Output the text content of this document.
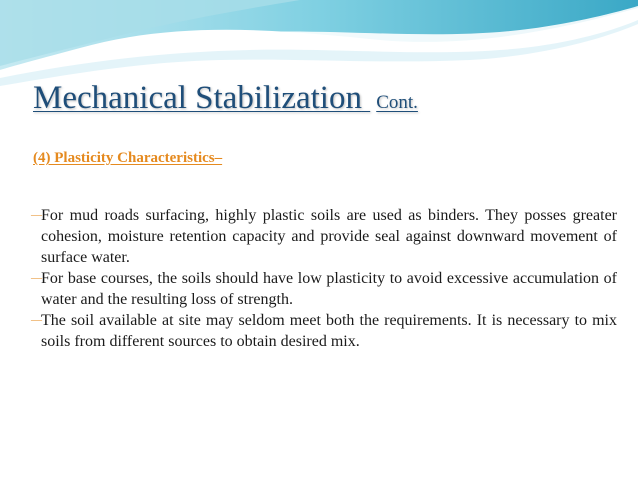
Mechanical Stabilization Cont.
(4) Plasticity Characteristics–

— For mud roads surfacing, highly plastic soils are used as binders. They posses greater cohesion, moisture retention capacity and provide seal against downward movement of surface water.

— For base courses, the soils should have low plasticity to avoid excessive accumulation of water and the resulting loss of strength.

— The soil available at site may seldom meet both the requirements. It is necessary to mix soils from different sources to obtain desired mix.
